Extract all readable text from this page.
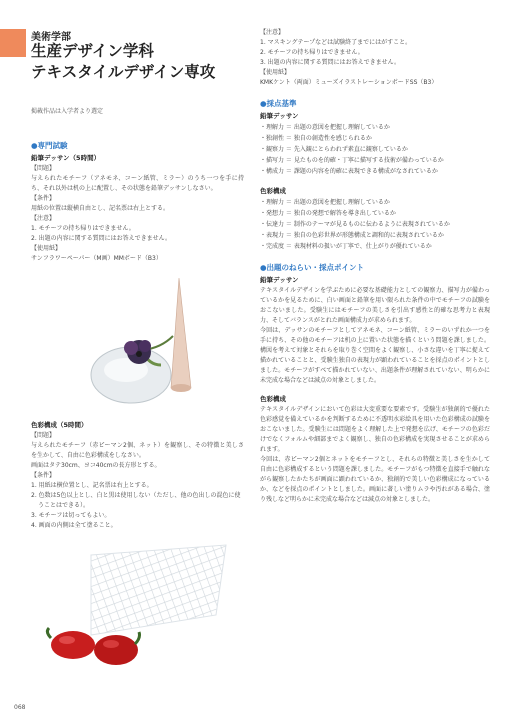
美術学部
生産デザイン学科
テキスタイルデザイン専攻
掲載作品は入学者より選定

●専門試験

鉛筆デッサン（5時間）

【問題】

与えられたモチーフ（アネモネ、コーン紙管、ミラー）のうち一つを手に持ち、それ以外は机の上に配置し、その状態を鉛筆デッサンしなさい。

【条件】

用紙の位置は縦横自由とし、記名票は右上とする。

【注意】

1. モチーフの持ち帰りはできません。

2. 出題の内容に関する質問にはお答えできません。

【使用紙】

サンフラワーペーパー（M画）MMボード（B3）

色彩構成（5時間）

【問題】

与えられたモチーフ（赤ピーマン2個、ネット）を観察し、その特徴と美しさを生かして、自由に色彩構成をしなさい。

画面はタテ30cm、ヨコ40cmの長方形とする。

【条件】

1. 用紙は横位置とし、記名票は右上とする。

2. 色数は5色以上とし、白と黒は使用しない（ただし、他の色出しの混色に使うことはできる）。

3. モチーフは切ってもよい。

4. 画面の内側は全て塗ること。

【注意】

1. マスキングテープなどは試験終了までにはがすこと。

2. モチーフの持ち帰りはできません。

3. 出題の内容に関する質問にはお答えできません。

【使用紙】

KMKケント（両面）ミューズイラストレーションボードSS（B3）

●採点基準

鉛筆デッサン

・理解力 ＝ 出題の意図を把握し理解しているか
・独創性 ＝ 独自の創造性を感じられるか
・観察力 ＝ 先入観にとらわれず素直に観察しているか
・描写力 ＝ 見たものを的確・丁寧に描写する技術が備わっているか
・構成力 ＝ 課題の内容を的確に表現できる構成がなされているか

色彩構成

・理解力 ＝ 出題の意図を把握し理解しているか
・発想力 ＝ 独自の発想で解答を導き出しているか
・伝達力 ＝ 制作のテーマが見るものに伝わるように表現されているか
・表現力 ＝ 独自の色彩世界が形態構成と調和的に表現されているか
・完成度 ＝ 表現材料の扱いが丁寧で、仕上がりが優れているか

●出題のねらい・採点ポイント

鉛筆デッサン

テキスタイルデザインを学ぶために必要な基礎能力としての観察力、描写力が備わっているかを見るために、白い画面と鉛筆を用い限られた条件の中でモチーフの試験をおこないました。受験生にはモチーフの美しさを引出す感性と的確な思考力と表現力、そしてバランスがとれた画面構成力が求められます。

今回は、デッサンのモチーフとしてアネモネ、コーン紙管、ミラーのいずれか一つを手に持ち、その他のモチーフは机の上に置いた状態を描くという問題を課しました。構図を考えて対象とそれらを取り巻く空間をよく観察し、小さな違いを丁寧に捉えて描かれていることと、受験生独自の表現力が顕われていることを採点のポイントとしました。モチーフがすべて描かれていない、出題条件が理解されていない、明らかに未完成な場合などは減点の対象としました。

色彩構成

テキスタイルデザインにおいて色彩は大変重要な要素です。受験生が独創的で優れた色彩感覚を備えているかを判断するために不透明水彩絵具を用いた色彩構成の試験をおこないました。受験生には問題をよく理解した上で発想を広げ、モチーフの色彩だけでなくフォルムや細部までよく観察し、独自の色彩構成を実現させることが求められます。

今回は、赤ピーマン2個とネットをモチーフとし、それらの特徴と美しさを生かして自由に色彩構成するという問題を課しました。モチーフがもつ特徴を直接手で触れながら観察したかたちが画面に顕われているか、独創的で美しい色彩構成になっているか、などを採点のポイントとしました。画面に著しい塗りムラや汚れがある場合、塗り残しなど明らかに未完成な場合などは減点の対象としました。

068
